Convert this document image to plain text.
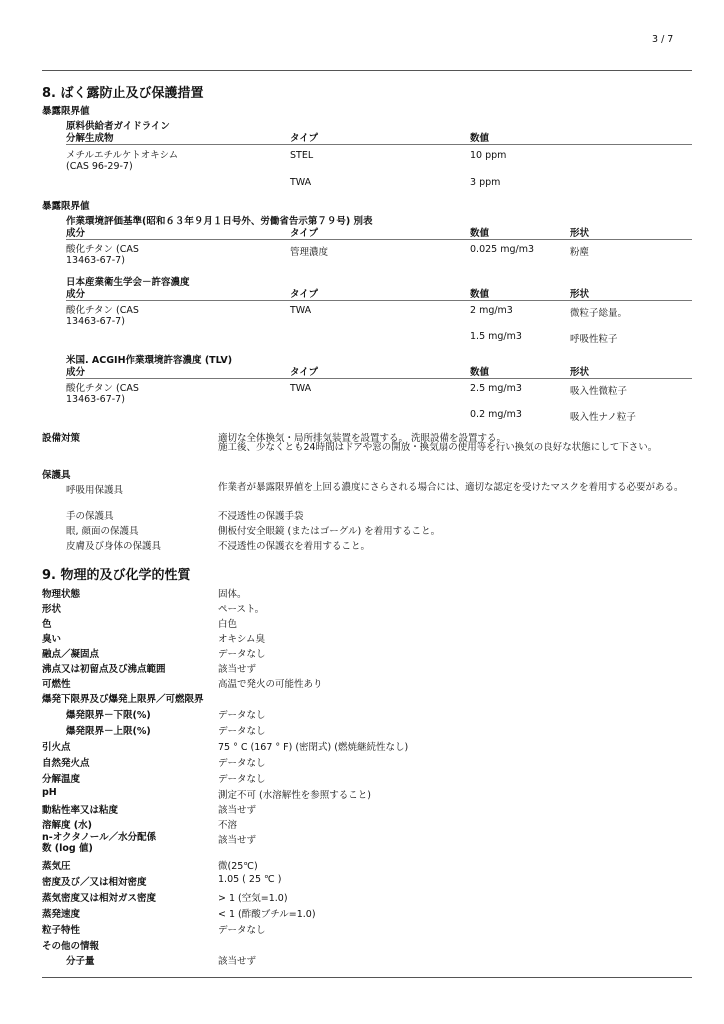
3 / 7
8. ばく露防止及び保護措置
暴露限界値
原料供給者ガイドライン
分解生成物	タイプ	数値
メチルエチルケトオキシム
(CAS 96-29-7)
STEL	10 ppm
TWA	3 ppm
暴露限界値
作業環境評価基準(昭和６３年９月１日号外、労働省告示第７９号) 別表
成分	タイプ	数値	形状
酸化チタン (CAS
13463-67-7)
管理濃度	0.025 mg/m3	粉塵
日本産業衛生学会－許容濃度
成分	タイプ	数値	形状
酸化チタン (CAS
13463-67-7)
TWA	2 mg/m3	微粒子総量。
1.5 mg/m3	呼吸性粒子
米国. ACGIH作業環境許容濃度 (TLV)
成分	タイプ	数値	形状
酸化チタン (CAS
13463-67-7)
TWA	2.5 mg/m3	吸入性微粒子
0.2 mg/m3	吸入性ナノ粒子
設備対策	適切な全体換気・局所排気装置を設置する。 洗眼設備を設置する。
施工後、少なくとも24時間はドアや窓の開放・換気扇の使用等を行い換気の良好な状態にして下さい。
保護具
呼吸用保護具	作業者が暴露限界値を上回る濃度にさらされる場合には、適切な認定を受けたマスクを着用する必要がある。
手の保護具	不浸透性の保護手袋
眼, 顔面の保護具	側板付安全眼鏡 (またはゴーグル) を着用すること。
皮膚及び身体の保護具	不浸透性の保護衣を着用すること。
9. 物理的及び化学的性質
物理状態	固体。
形状	ペースト。
色	白色
臭い	オキシム臭
融点／凝固点	データなし
沸点又は初留点及び沸点範囲	該当せず
可燃性	高温で発火の可能性あり
爆発下限界及び爆発上限界／可燃限界
爆発限界－下限(%)	データなし
爆発限界－上限(%)	データなし
引火点	75 ° C (167 ° F) (密閉式) (燃焼継続性なし)
自然発火点	データなし
分解温度	データなし
pH	測定不可 (水溶解性を参照すること)
動粘性率又は粘度	該当せず
溶解度 (水)	不溶
n-オクタノール／水分配係
数 (log 値)
該当せず
蒸気圧	微(25℃)
密度及び／又は相対密度	1.05 ( 25 ℃ )
蒸気密度又は相対ガス密度	> 1 (空気=1.0)
蒸発速度	< 1 (酢酸ブチル=1.0)
粒子特性	データなし
その他の情報
分子量	該当せず
